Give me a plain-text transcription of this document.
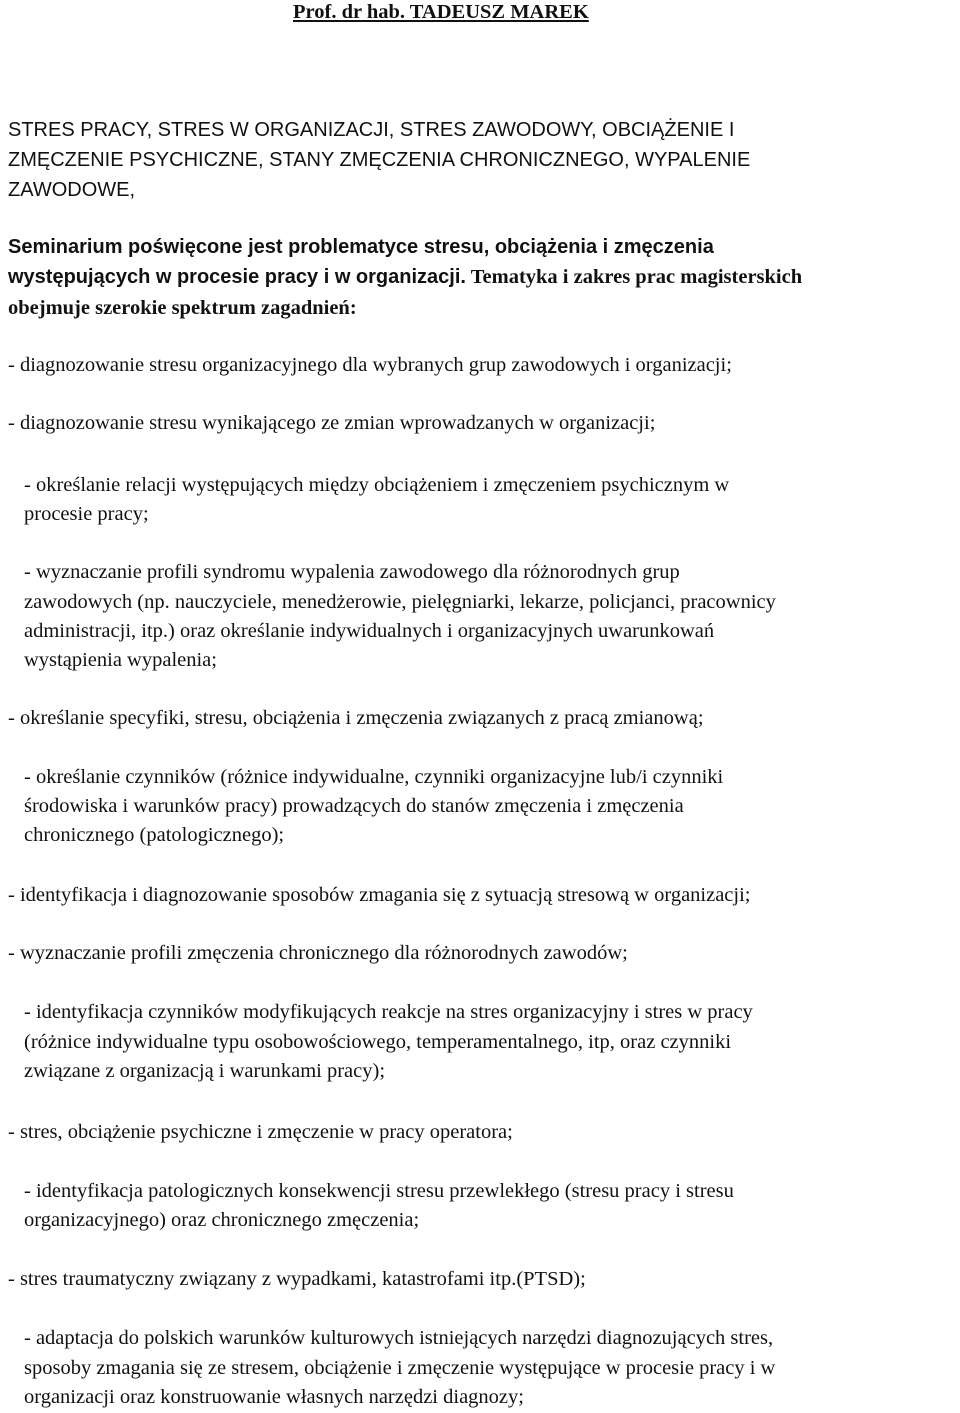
Prof. dr hab. TADEUSZ MAREK

STRES PRACY, STRES W ORGANIZACJI, STRES ZAWODOWY, OBCIĄŻENIE I

ZMĘCZENIE PSYCHICZNE, STANY ZMĘCZENIA CHRONICZNEGO, WYPALENIE

ZAWODOWE,

Seminarium poświęcone jest problematyce stresu, obciążenia i zmęczenia

występujących w procesie pracy i w organizacji. Tematyka i zakres prac magisterskich

obejmuje szerokie spektrum zagadnień:

- diagnozowanie stresu organizacyjnego dla wybranych grup zawodowych i organizacji;

- diagnozowanie stresu wynikającego ze zmian wprowadzanych w organizacji;

- określanie relacji występujących między obciążeniem i zmęczeniem psychicznym w

procesie pracy;

- wyznaczanie profili syndromu wypalenia zawodowego dla różnorodnych grup

zawodowych (np. nauczyciele, menedżerowie, pielęgniarki, lekarze, policjanci, pracownicy

administracji, itp.) oraz określanie indywidualnych i organizacyjnych uwarunkowań

wystąpienia wypalenia;

- określanie specyfiki, stresu, obciążenia i zmęczenia związanych z pracą zmianową;

- określanie czynników (różnice indywidualne, czynniki organizacyjne lub/i czynniki

środowiska i warunków pracy) prowadzących do stanów zmęczenia i zmęczenia

chronicznego (patologicznego);

- identyfikacja i diagnozowanie sposobów zmagania się z sytuacją stresową w organizacji;

- wyznaczanie profili zmęczenia chronicznego dla różnorodnych zawodów;

- identyfikacja czynników modyfikujących reakcje na stres organizacyjny i stres w pracy

(różnice indywidualne typu osobowościowego, temperamentalnego, itp, oraz czynniki

związane z organizacją i warunkami pracy);

- stres, obciążenie psychiczne i zmęczenie w pracy operatora;

- identyfikacja patologicznych konsekwencji stresu przewlekłego (stresu pracy i stresu

organizacyjnego) oraz chronicznego zmęczenia;

- stres traumatyczny związany z wypadkami, katastrofami itp.(PTSD);

- adaptacja do polskich warunków kulturowych istniejących narzędzi diagnozujących stres,

sposoby zmagania się ze stresem, obciążenie i zmęczenie występujące w procesie pracy i w

organizacji oraz konstruowanie własnych narzędzi diagnozy;
